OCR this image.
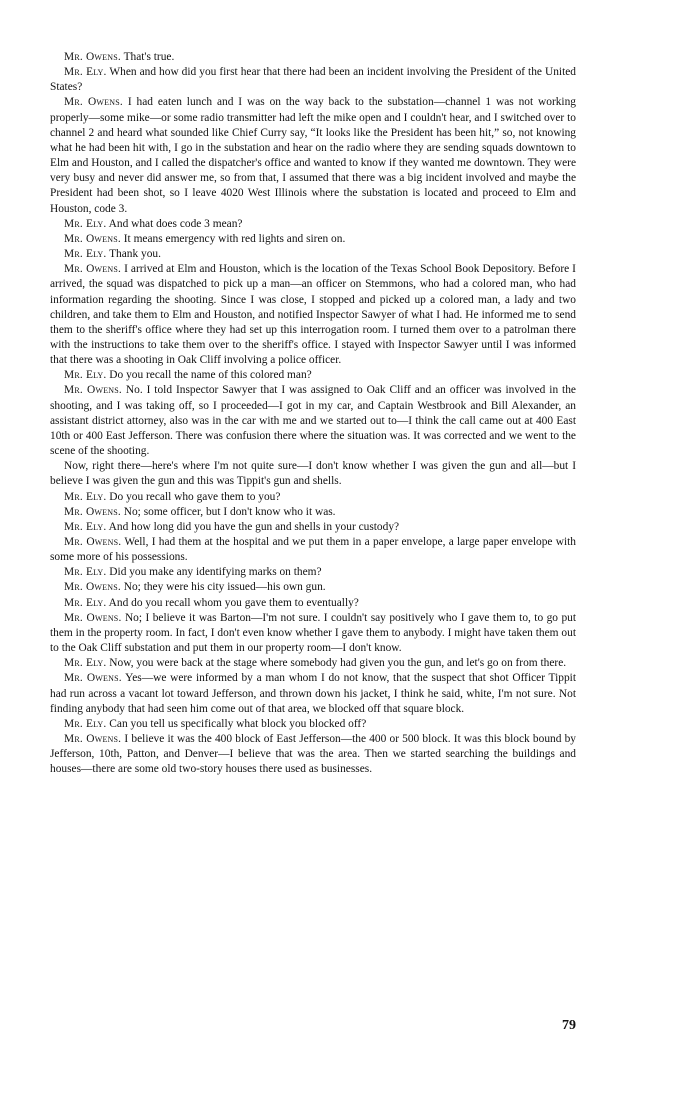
Mr. Owens. That's true.

Mr. Ely. When and how did you first hear that there had been an incident involving the President of the United States?

Mr. Owens. I had eaten lunch and I was on the way back to the substation—channel 1 was not working properly—some mike—or some radio transmitter had left the mike open and I couldn't hear, and I switched over to channel 2 and heard what sounded like Chief Curry say, “It looks like the President has been hit,” so, not knowing what he had been hit with, I go in the substation and hear on the radio where they are sending squads downtown to Elm and Houston, and I called the dispatcher's office and wanted to know if they wanted me downtown. They were very busy and never did answer me, so from that, I assumed that there was a big incident involved and maybe the President had been shot, so I leave 4020 West Illinois where the substation is located and proceed to Elm and Houston, code 3.

Mr. Ely. And what does code 3 mean?

Mr. Owens. It means emergency with red lights and siren on.

Mr. Ely. Thank you.

Mr. Owens. I arrived at Elm and Houston, which is the location of the Texas School Book Depository. Before I arrived, the squad was dispatched to pick up a man—an officer on Stemmons, who had a colored man, who had information regarding the shooting. Since I was close, I stopped and picked up a colored man, a lady and two children, and take them to Elm and Houston, and notified Inspector Sawyer of what I had. He informed me to send them to the sheriff's office where they had set up this interrogation room. I turned them over to a patrolman there with the instructions to take them over to the sheriff's office. I stayed with Inspector Sawyer until I was informed that there was a shooting in Oak Cliff involving a police officer.

Mr. Ely. Do you recall the name of this colored man?

Mr. Owens. No. I told Inspector Sawyer that I was assigned to Oak Cliff and an officer was involved in the shooting, and I was taking off, so I proceeded—I got in my car, and Captain Westbrook and Bill Alexander, an assistant district attorney, also was in the car with me and we started out to—I think the call came out at 400 East 10th or 400 East Jefferson. There was confusion there where the situation was. It was corrected and we went to the scene of the shooting.

Now, right there—here's where I'm not quite sure—I don't know whether I was given the gun and all—but I believe I was given the gun and this was Tippit's gun and shells.

Mr. Ely. Do you recall who gave them to you?

Mr. Owens. No; some officer, but I don't know who it was.

Mr. Ely. And how long did you have the gun and shells in your custody?

Mr. Owens. Well, I had them at the hospital and we put them in a paper envelope, a large paper envelope with some more of his possessions.

Mr. Ely. Did you make any identifying marks on them?

Mr. Owens. No; they were his city issued—his own gun.

Mr. Ely. And do you recall whom you gave them to eventually?

Mr. Owens. No; I believe it was Barton—I'm not sure. I couldn't say positively who I gave them to, to go put them in the property room. In fact, I don't even know whether I gave them to anybody. I might have taken them out to the Oak Cliff substation and put them in our property room—I don't know.

Mr. Ely. Now, you were back at the stage where somebody had given you the gun, and let's go on from there.

Mr. Owens. Yes—we were informed by a man whom I do not know, that the suspect that shot Officer Tippit had run across a vacant lot toward Jefferson, and thrown down his jacket, I think he said, white, I'm not sure. Not finding anybody that had seen him come out of that area, we blocked off that square block.

Mr. Ely. Can you tell us specifically what block you blocked off?

Mr. Owens. I believe it was the 400 block of East Jefferson—the 400 or 500 block. It was this block bound by Jefferson, 10th, Patton, and Denver—I believe that was the area. Then we started searching the buildings and houses—there are some old two-story houses there used as businesses.

79
